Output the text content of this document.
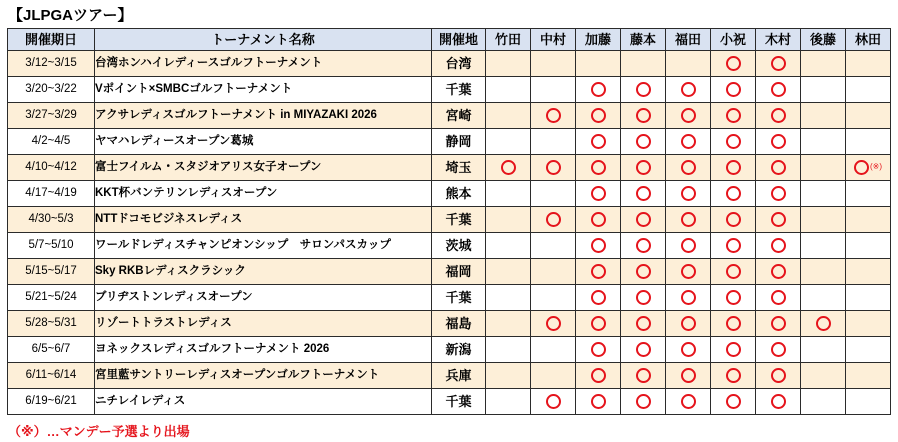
【JLPGAツアー】
開催期日	トーナメント名称	開催地	竹田	中村	加藤	藤本	福田	小祝	木村	後藤	林田
3/12~3/15	台湾ホンハイレディースゴルフトーナメント	台湾									
3/20~3/22	Vポイント×SMBCゴルフトーナメント	千葉									
3/27~3/29	アクサレディスゴルフトーナメント in MIYAZAKI 2026	宮崎									
4/2~4/5	ヤマハレディースオープン葛城	静岡									
4/10~4/12	富士フイルム・スタジオアリス女子オープン	埼玉									(※)
4/17~4/19	KKT杯バンテリンレディスオープン	熊本									
4/30~5/3	NTTドコモビジネスレディス	千葉									
5/7~5/10	ワールドレディスチャンピオンシップ　サロンパスカップ	茨城									
5/15~5/17	Sky RKBレディスクラシック	福岡									
5/21~5/24	ブリヂストンレディスオープン	千葉									
5/28~5/31	リゾートトラストレディス	福島									
6/5~6/7	ヨネックスレディスゴルフトーナメント 2026	新潟									
6/11~6/14	宮里藍サントリーレディスオープンゴルフトーナメント	兵庫									
6/19~6/21	ニチレイレディス	千葉									
（※）…マンデー予選より出場
